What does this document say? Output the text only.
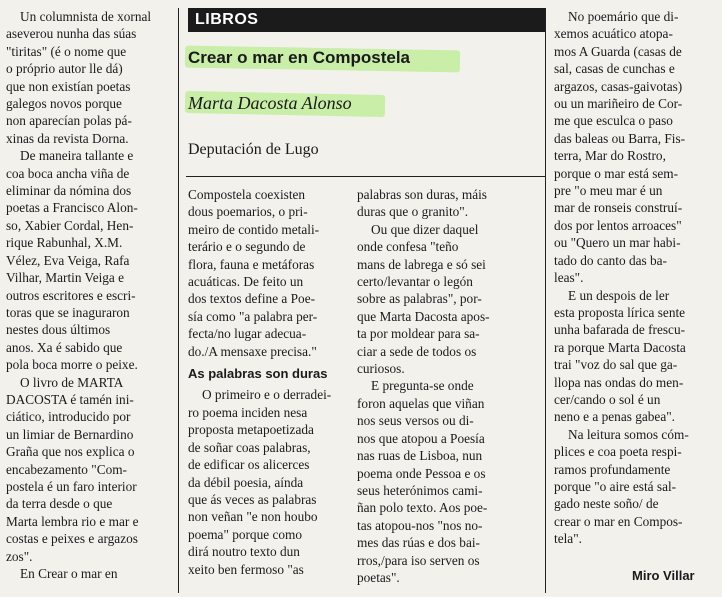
LIBROS
Crear o mar en Compostela
Marta Dacosta Alonso
Deputación de Lugo

Un columnista de xornal

aseverou nunha das súas

"tiritas" (é o nome que

o próprio autor lle dá)

que non existían poetas

galegos novos porque

non aparecían polas pá-

xinas da revista Dorna.

De maneira tallante e

coa boca ancha viña de

eliminar da nómina dos

poetas a Francisco Alon-

so, Xabier Cordal, Hen-

rique Rabunhal, X.M.

Vélez, Eva Veiga, Rafa

Vilhar, Martin Veiga e

outros escritores e escri-

toras que se inaguraron

nestes dous últimos

anos. Xa é sabido que

pola boca morre o peixe.

O livro de MARTA

DACOSTA é tamén ini-

ciático, introducido por

un limiar de Bernardino

Graña que nos explica o

encabezamento "Com-

postela é un faro interior

da terra desde o que

Marta lembra rio e mar e

costas e peixes e argazos

zos".

En Crear o mar en

Compostela coexisten

dous poemarios, o pri-

meiro de contido metali-

terário e o segundo de

flora, fauna e metáforas

acuáticas. De feito un

dos textos define a Poe-

sía como "a palabra per-

fecta/no lugar adecua-

do./A mensaxe precisa."

As palabras son duras

O primeiro e o derradei-

ro poema inciden nesa

proposta metapoetizada

de soñar coas palabras,

de edificar os alicerces

da débil poesia, aínda

que ás veces as palabras

non veñan "e non houbo

poema" porque como

dirá noutro texto dun

xeito ben fermoso "as

palabras son duras, máis

duras que o granito".

Ou que dizer daquel

onde confesa "teño

mans de labrega e só sei

certo/levantar o legón

sobre as palabras", por-

que Marta Dacosta apos-

ta por moldear para sa-

ciar a sede de todos os

curiosos.

E pregunta-se onde

foron aquelas que viñan

nos seus versos ou di-

nos que atopou a Poesía

nas ruas de Lisboa, nun

poema onde Pessoa e os

seus heterónimos cami-

ñan polo texto. Aos poe-

tas atopou-nos "nos no-

mes das rúas e dos bai-

rros,/para iso serven os

poetas".

No poemário que di-

xemos acuático atopa-

mos A Guarda (casas de

sal, casas de cunchas e

argazos, casas-gaivotas)

ou un mariñeiro de Cor-

me que esculca o paso

das baleas ou Barra, Fis-

terra, Mar do Rostro,

porque o mar está sem-

pre "o meu mar é un

mar de ronseis construí-

dos por lentos arroaces"

ou "Quero un mar habi-

tado do canto das ba-

leas".

E un despois de ler

esta proposta lírica sente

unha bafarada de frescu-

ra porque Marta Dacosta

trai "voz do sal que ga-

llopa nas ondas do men-

cer/cando o sol é un

neno e a penas gabea".

Na leitura somos cóm-

plices e coa poeta respi-

ramos profundamente

porque "o aire está sal-

gado neste soño/ de

crear o mar en Compos-

tela".

Miro Villar
